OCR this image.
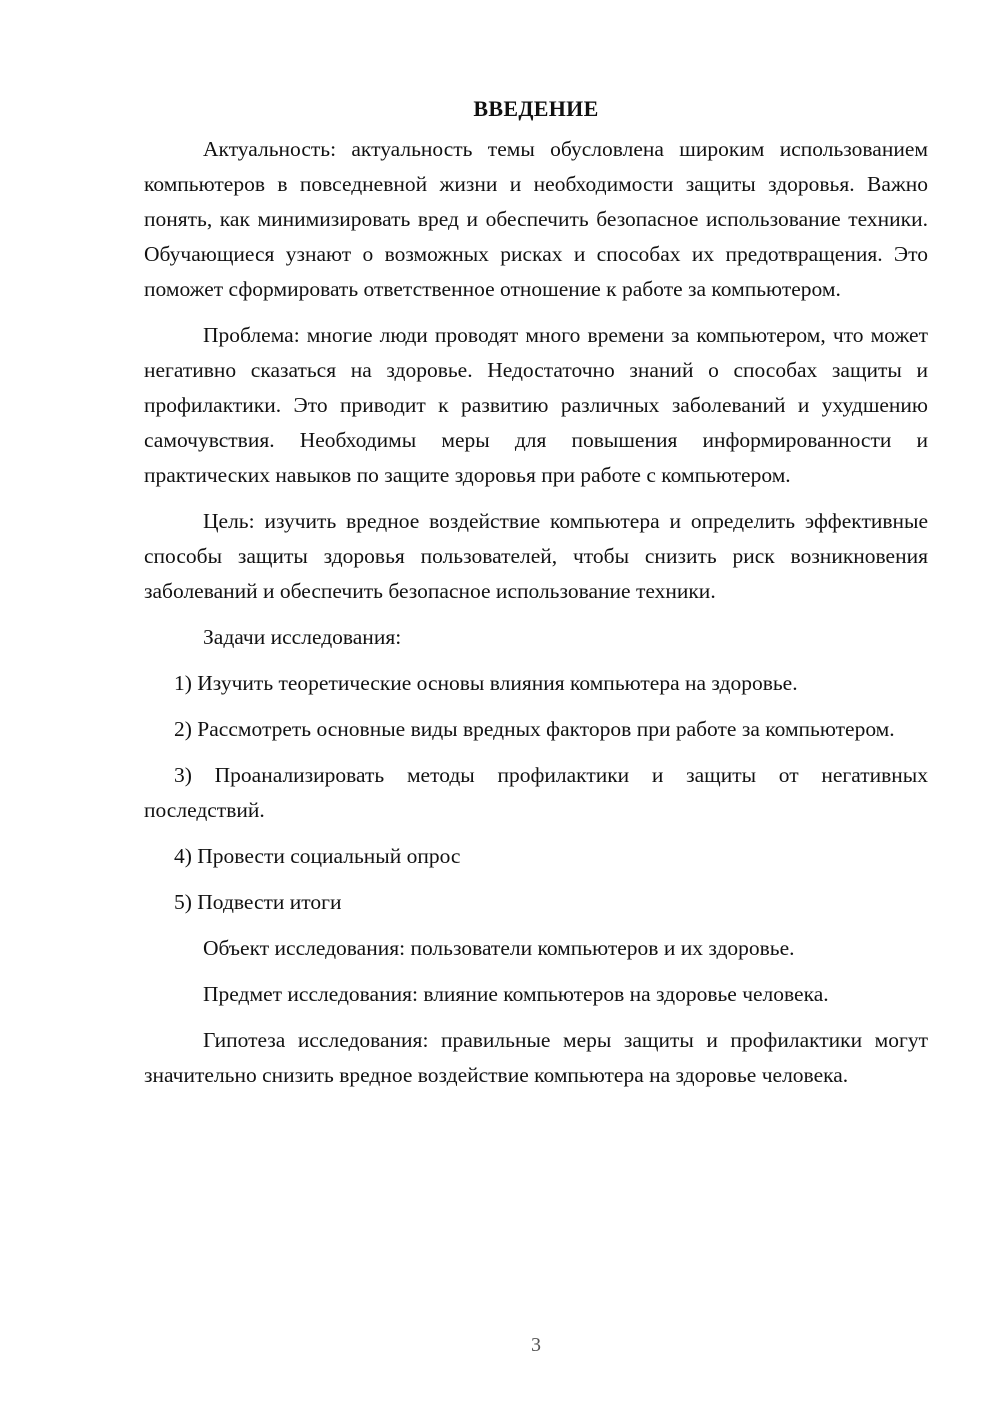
ВВЕДЕНИЕ

Актуальность: актуальность темы обусловлена широким использованием компьютеров в повседневной жизни и необходимости защиты здоровья. Важно понять, как минимизировать вред и обеспечить безопасное использование техники. Обучающиеся узнают о возможных рисках и способах их предотвращения. Это поможет сформировать ответственное отношение к работе за компьютером.

Проблема: многие люди проводят много времени за компьютером, что может негативно сказаться на здоровье. Недостаточно знаний о способах защиты и профилактики. Это приводит к развитию различных заболеваний и ухудшению самочувствия. Необходимы меры для повышения информированности и практических навыков по защите здоровья при работе с компьютером.

Цель: изучить вредное воздействие компьютера и определить эффективные способы защиты здоровья пользователей, чтобы снизить риск возникновения заболеваний и обеспечить безопасное использование техники.

Задачи исследования:

1) Изучить теоретические основы влияния компьютера на здоровье.

2) Рассмотреть основные виды вредных факторов при работе за компьютером.

3) Проанализировать методы профилактики и защиты от негативных последствий.

4) Провести социальный опрос

5) Подвести итоги

Объект исследования: пользователи компьютеров и их здоровье.

Предмет исследования: влияние компьютеров на здоровье человека.

Гипотеза исследования: правильные меры защиты и профилактики могут значительно снизить вредное воздействие компьютера на здоровье человека.

3
